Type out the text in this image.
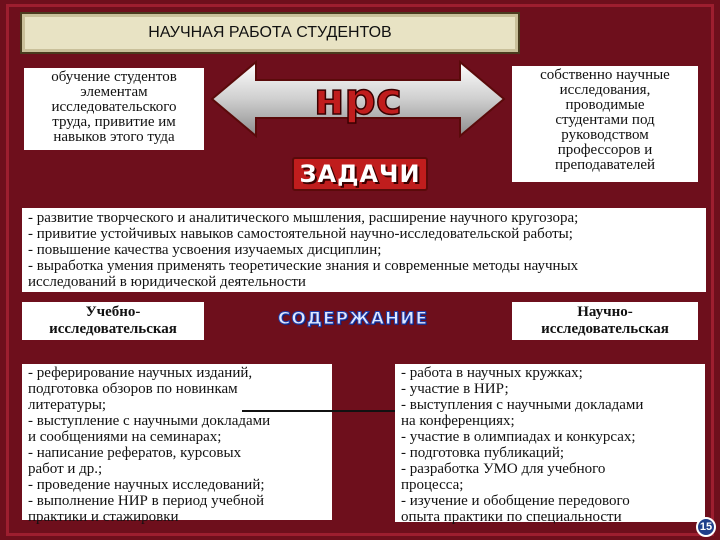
НАУЧНАЯ РАБОТА СТУДЕНТОВ
обучение студентов
элементам
исследовательского
труда, привитие им
навыков этого туда
нрс	собственно научные
исследования,
проводимые
студентами под
руководством
профессоров и
преподавателей
ЗАДАЧИ
- развитие творческого и аналитического мышления, расширение научного кругозора;
- привитие устойчивых навыков самостоятельной научно-исследовательской работы;
- повышение качества усвоения изучаемых дисциплин;
- выработка умения применять теоретические знания и современные методы научных
исследований в юридической деятельности
Учебно-
исследовательская	СОДЕРЖАНИЕ	Научно-
исследовательская
- реферирование научных изданий,
подготовка обзоров по новинкам
литературы;
- выступление с научными докладами
и сообщениями на семинарах;
- написание рефератов, курсовых
работ и др.;
- проведение научных исследований;
- выполнение НИР в период учебной
практики и стажировки
- работа в научных кружках;
- участие в НИР;
- выступления с научными докладами
на конференциях;
- участие в олимпиадах и конкурсах;
- подготовка публикаций;
- разработка УМО для учебного
процесса;
- изучение и обобщение передового
опыта практики по специальности
15
